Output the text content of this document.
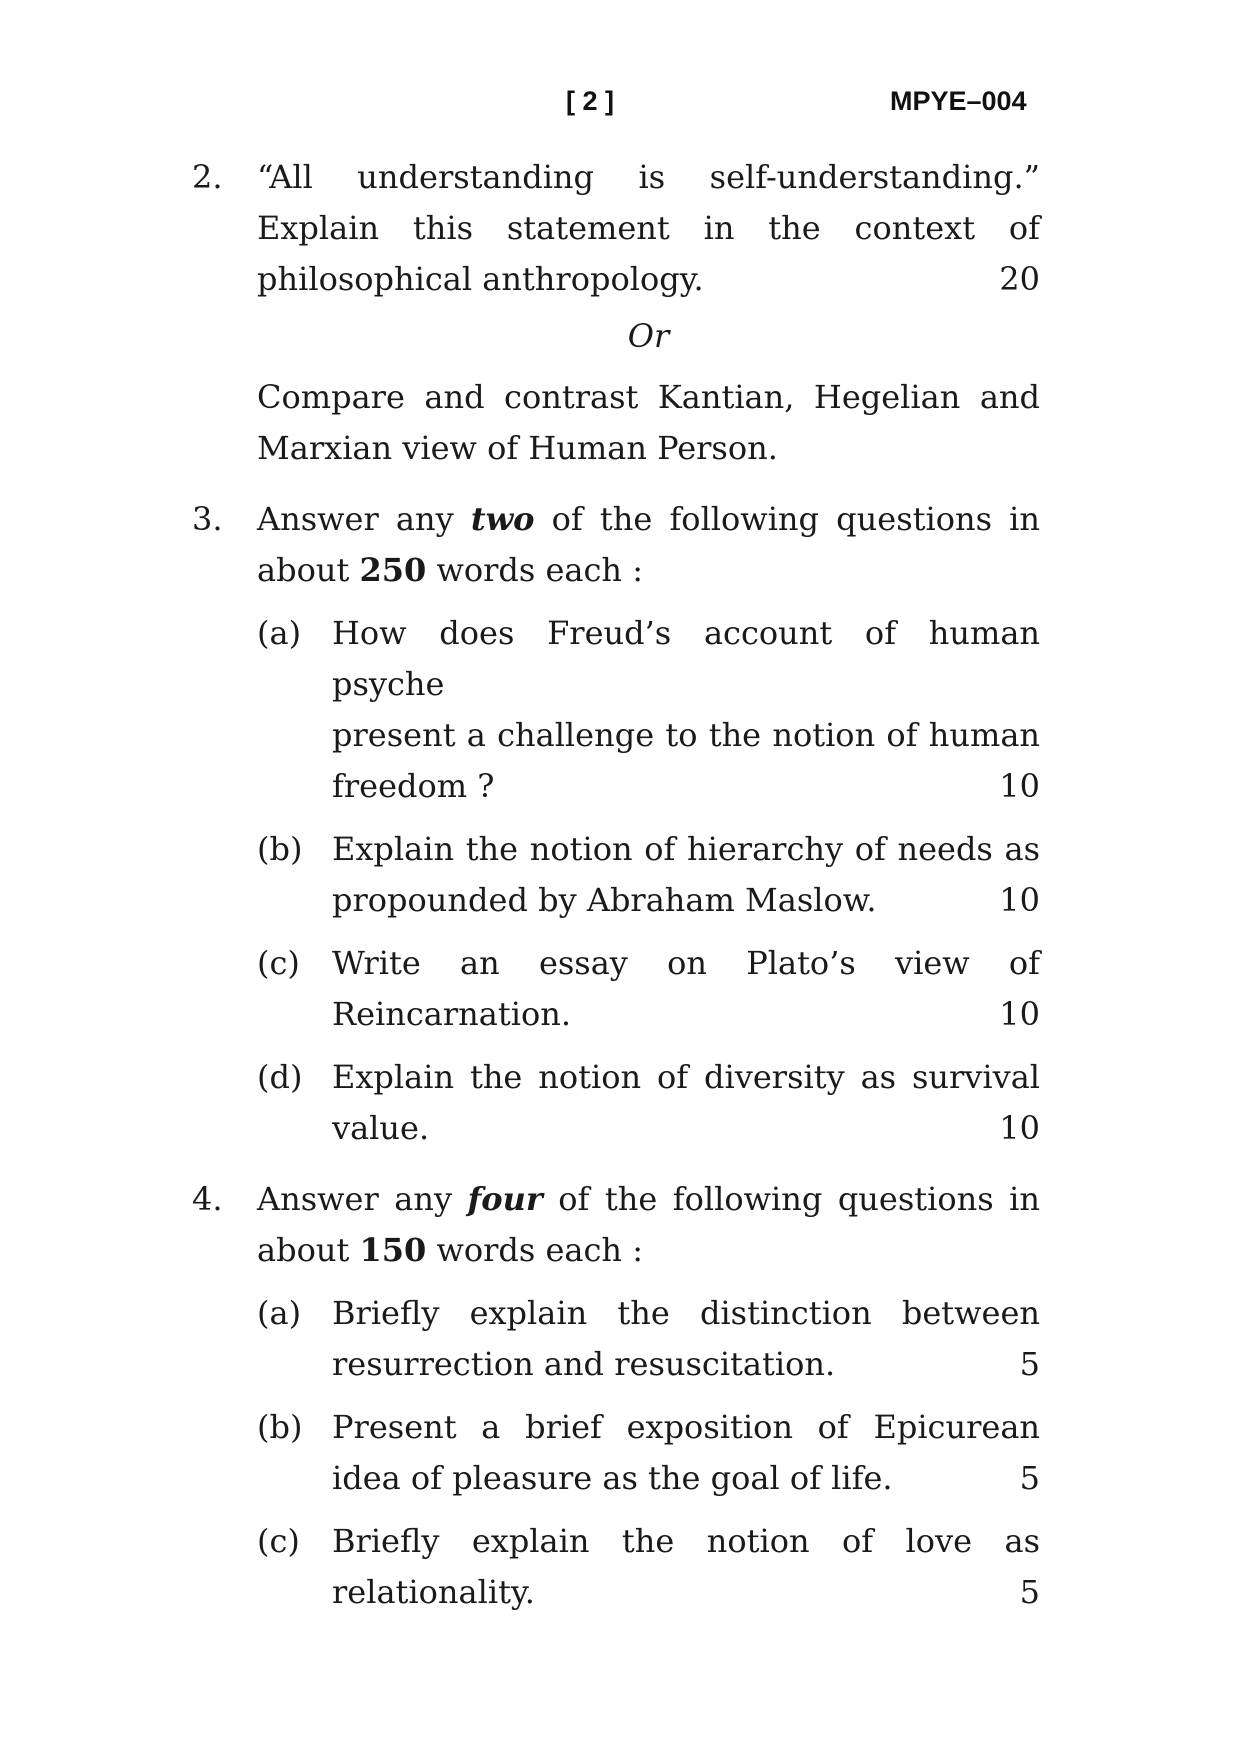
[ 2 ]	MPYE–004
2.	“All understanding is self-understanding.”
Explain this statement in the context of
philosophical anthropology.	20
Or
Compare and contrast Kantian, Hegelian and
Marxian view of Human Person.
3.	Answer any two of the following questions in
about 250 words each :
(a) How does Freud’s account of human psyche
present a challenge to the notion of human
freedom ?	10
(b) Explain the notion of hierarchy of needs as
propounded by Abraham Maslow.	10
(c)	Write an essay on Plato’s view of
Reincarnation.	10
(d) Explain the notion of diversity as survival
value.	10
4.	Answer any four of the following questions in
about 150 words each :
(a) Briefly explain the distinction between
resurrection and resuscitation.	5
(b) Present a brief exposition of Epicurean
idea of pleasure as the goal of life.	5
(c)	Briefly explain the notion of love as
relationality.	5
